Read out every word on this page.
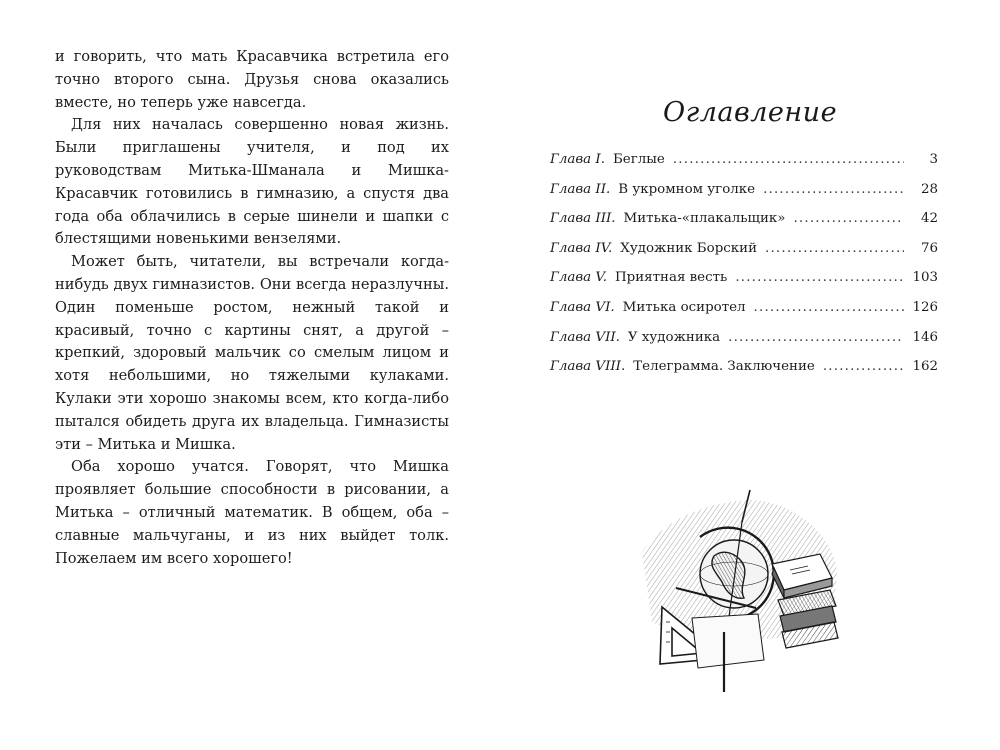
и говорить, что мать Красавчика встретила его точно второго сына. Друзья снова оказались вместе, но теперь уже навсегда.

Для них началась совершенно новая жизнь. Были приглашены учителя, и под их руководствам Митька-Шманала и Мишка-Красавчик готовились в гимназию, а спустя два года оба облачились в серые шинели и шапки с блестящими новенькими вензелями.

Может быть, читатели, вы встречали когда-нибудь двух гимназистов. Они всегда неразлучны. Один поменьше ростом, нежный такой и красивый, точно с картины снят, а другой – крепкий, здоровый мальчик со смелым лицом и хотя небольшими, но тяжелыми кулаками. Кулаки эти хорошо знакомы всем, кто когда-либо пытался обидеть друга их владельца. Гимназисты эти – Митька и Мишка.

Оба хорошо учатся. Говорят, что Мишка проявляет большие способности в рисовании, а Митька – отличный математик. В общем, оба – славные мальчуганы, и из них выйдет толк. Пожелаем им всего хорошего!

Оглавление
Глава I. Беглые .....	3
Глава II. В укромном уголке .....	28
Глава III. Митька-«плакальщик» .....	42
Глава IV. Художник Борский .....	76
Глава V. Приятная весть .....	103
Глава VI. Митька осиротел .....	126
Глава VII. У художника .....	146
Глава VIII. Телеграмма. Заключение .....	162
